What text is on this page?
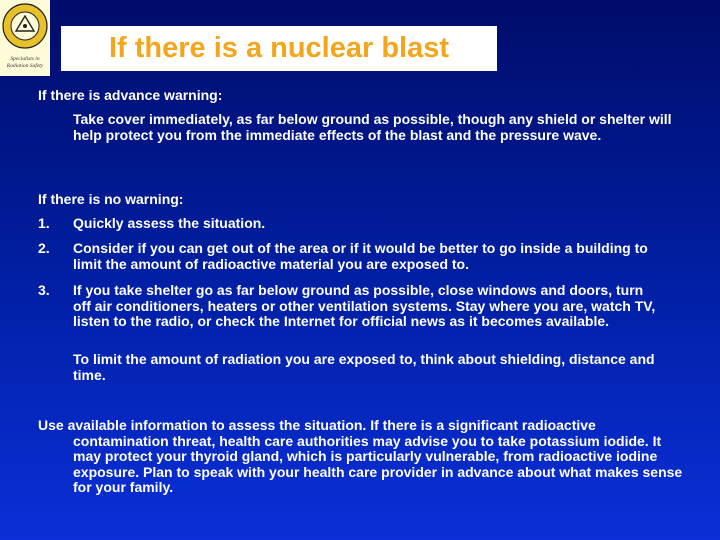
Specialists in
Radiation Safety
If there is a nuclear blast

If there is advance warning:

Take cover immediately, as far below ground as possible, though any shield or shelter will help protect you from the immediate effects of the blast and the pressure wave.

If there is no warning:

1. Quickly assess the situation.

2. Consider if you can get out of the area or if it would be better to go inside a building to limit the amount of radioactive material you are exposed to.

3. If you take shelter go as far below ground as possible, close windows and doors, turn off air conditioners, heaters or other ventilation systems. Stay where you are, watch TV, listen to the radio, or check the Internet for official news as it becomes available.

To limit the amount of radiation you are exposed to, think about shielding, distance and time.

Use available information to assess the situation. If there is a significant radioactive contamination threat, health care authorities may advise you to take potassium iodide. It may protect your thyroid gland, which is particularly vulnerable, from radioactive iodine exposure. Plan to speak with your health care provider in advance about what makes sense for your family.
